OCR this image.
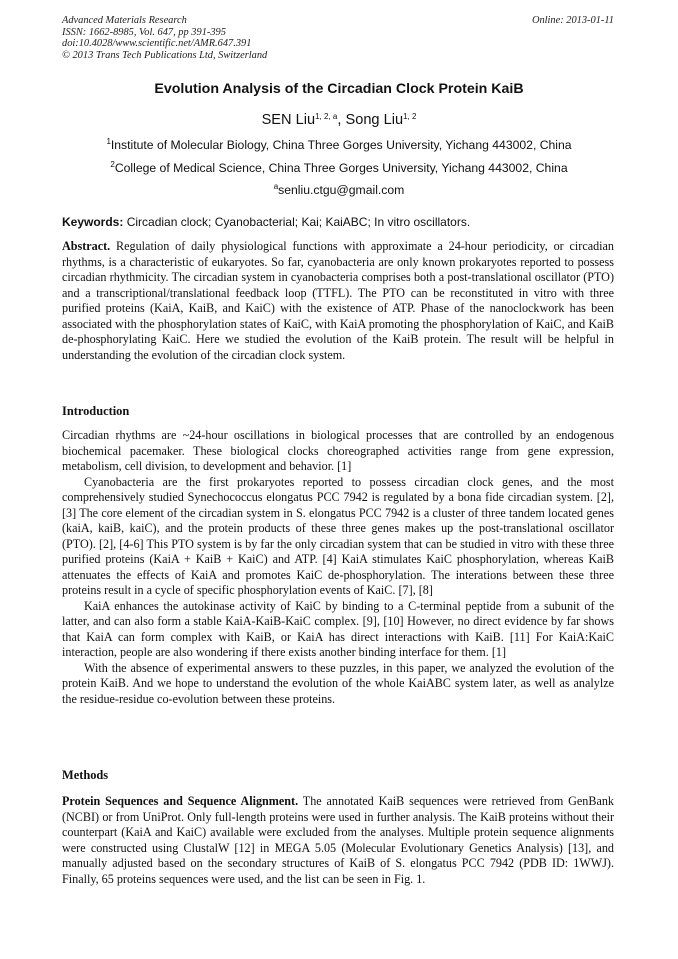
Advanced Materials Research
ISSN: 1662-8985, Vol. 647, pp 391-395
doi:10.4028/www.scientific.net/AMR.647.391
© 2013 Trans Tech Publications Ltd, Switzerland
Online: 2013-01-11
Evolution Analysis of the Circadian Clock Protein KaiB
SEN Liu$^{1, 2, a}$, Song Liu$^{1, 2}$
$^1$Institute of Molecular Biology, China Three Gorges University, Yichang 443002, China
$^2$College of Medical Science, China Three Gorges University, Yichang 443002, China
$^a$senliu.ctgu@gmail.com
Keywords: Circadian clock; Cyanobacterial; Kai; KaiABC; In vitro oscillators.

Abstract. Regulation of daily physiological functions with approximate a 24-hour periodicity, or circadian rhythms, is a characteristic of eukaryotes. So far, cyanobacteria are only known prokaryotes reported to possess circadian rhythmicity. The circadian system in cyanobacteria comprises both a post-translational oscillator (PTO) and a transcriptional/translational feedback loop (TTFL). The PTO can be reconstituted in vitro with three purified proteins (KaiA, KaiB, and KaiC) with the existence of ATP. Phase of the nanoclockwork has been associated with the phosphorylation states of KaiC, with KaiA promoting the phosphorylation of KaiC, and KaiB de-phosphorylating KaiC. Here we studied the evolution of the KaiB protein. The result will be helpful in understanding the evolution of the circadian clock system.

Introduction

Circadian rhythms are ~24-hour oscillations in biological processes that are controlled by an endogenous biochemical pacemaker. These biological clocks choreographed activities range from gene expression, metabolism, cell division, to development and behavior. [1]

Cyanobacteria are the first prokaryotes reported to possess circadian clock genes, and the most comprehensively studied Synechococcus elongatus PCC 7942 is regulated by a bona fide circadian system. [2], [3] The core element of the circadian system in S. elongatus PCC 7942 is a cluster of three tandem located genes (kaiA, kaiB, kaiC), and the protein products of these three genes makes up the post-translational oscillator (PTO). [2], [4-6] This PTO system is by far the only circadian system that can be studied in vitro with these three purified proteins (KaiA + KaiB + KaiC) and ATP. [4] KaiA stimulates KaiC phosphorylation, whereas KaiB attenuates the effects of KaiA and promotes KaiC de-phosphorylation. The interations between these three proteins result in a cycle of specific phosphorylation events of KaiC. [7], [8]

KaiA enhances the autokinase activity of KaiC by binding to a C-terminal peptide from a subunit of the latter, and can also form a stable KaiA-KaiB-KaiC complex. [9], [10] However, no direct evidence by far shows that KaiA can form complex with KaiB, or KaiA has direct interactions with KaiB. [11] For KaiA:KaiC interaction, people are also wondering if there exists another binding interface for them. [1]

With the absence of experimental answers to these puzzles, in this paper, we analyzed the evolution of the protein KaiB. And we hope to understand the evolution of the whole KaiABC system later, as well as analylze the residue-residue co-evolution between these proteins.

Methods

Protein Sequences and Sequence Alignment. The annotated KaiB sequences were retrieved from GenBank (NCBI) or from UniProt. Only full-length proteins were used in further analysis. The KaiB proteins without their counterpart (KaiA and KaiC) available were excluded from the analyses. Multiple protein sequence alignments were constructed using ClustalW [12] in MEGA 5.05 (Molecular Evolutionary Genetics Analysis) [13], and manually adjusted based on the secondary structures of KaiB of S. elongatus PCC 7942 (PDB ID: 1WWJ). Finally, 65 proteins sequences were used, and the list can be seen in Fig. 1.
